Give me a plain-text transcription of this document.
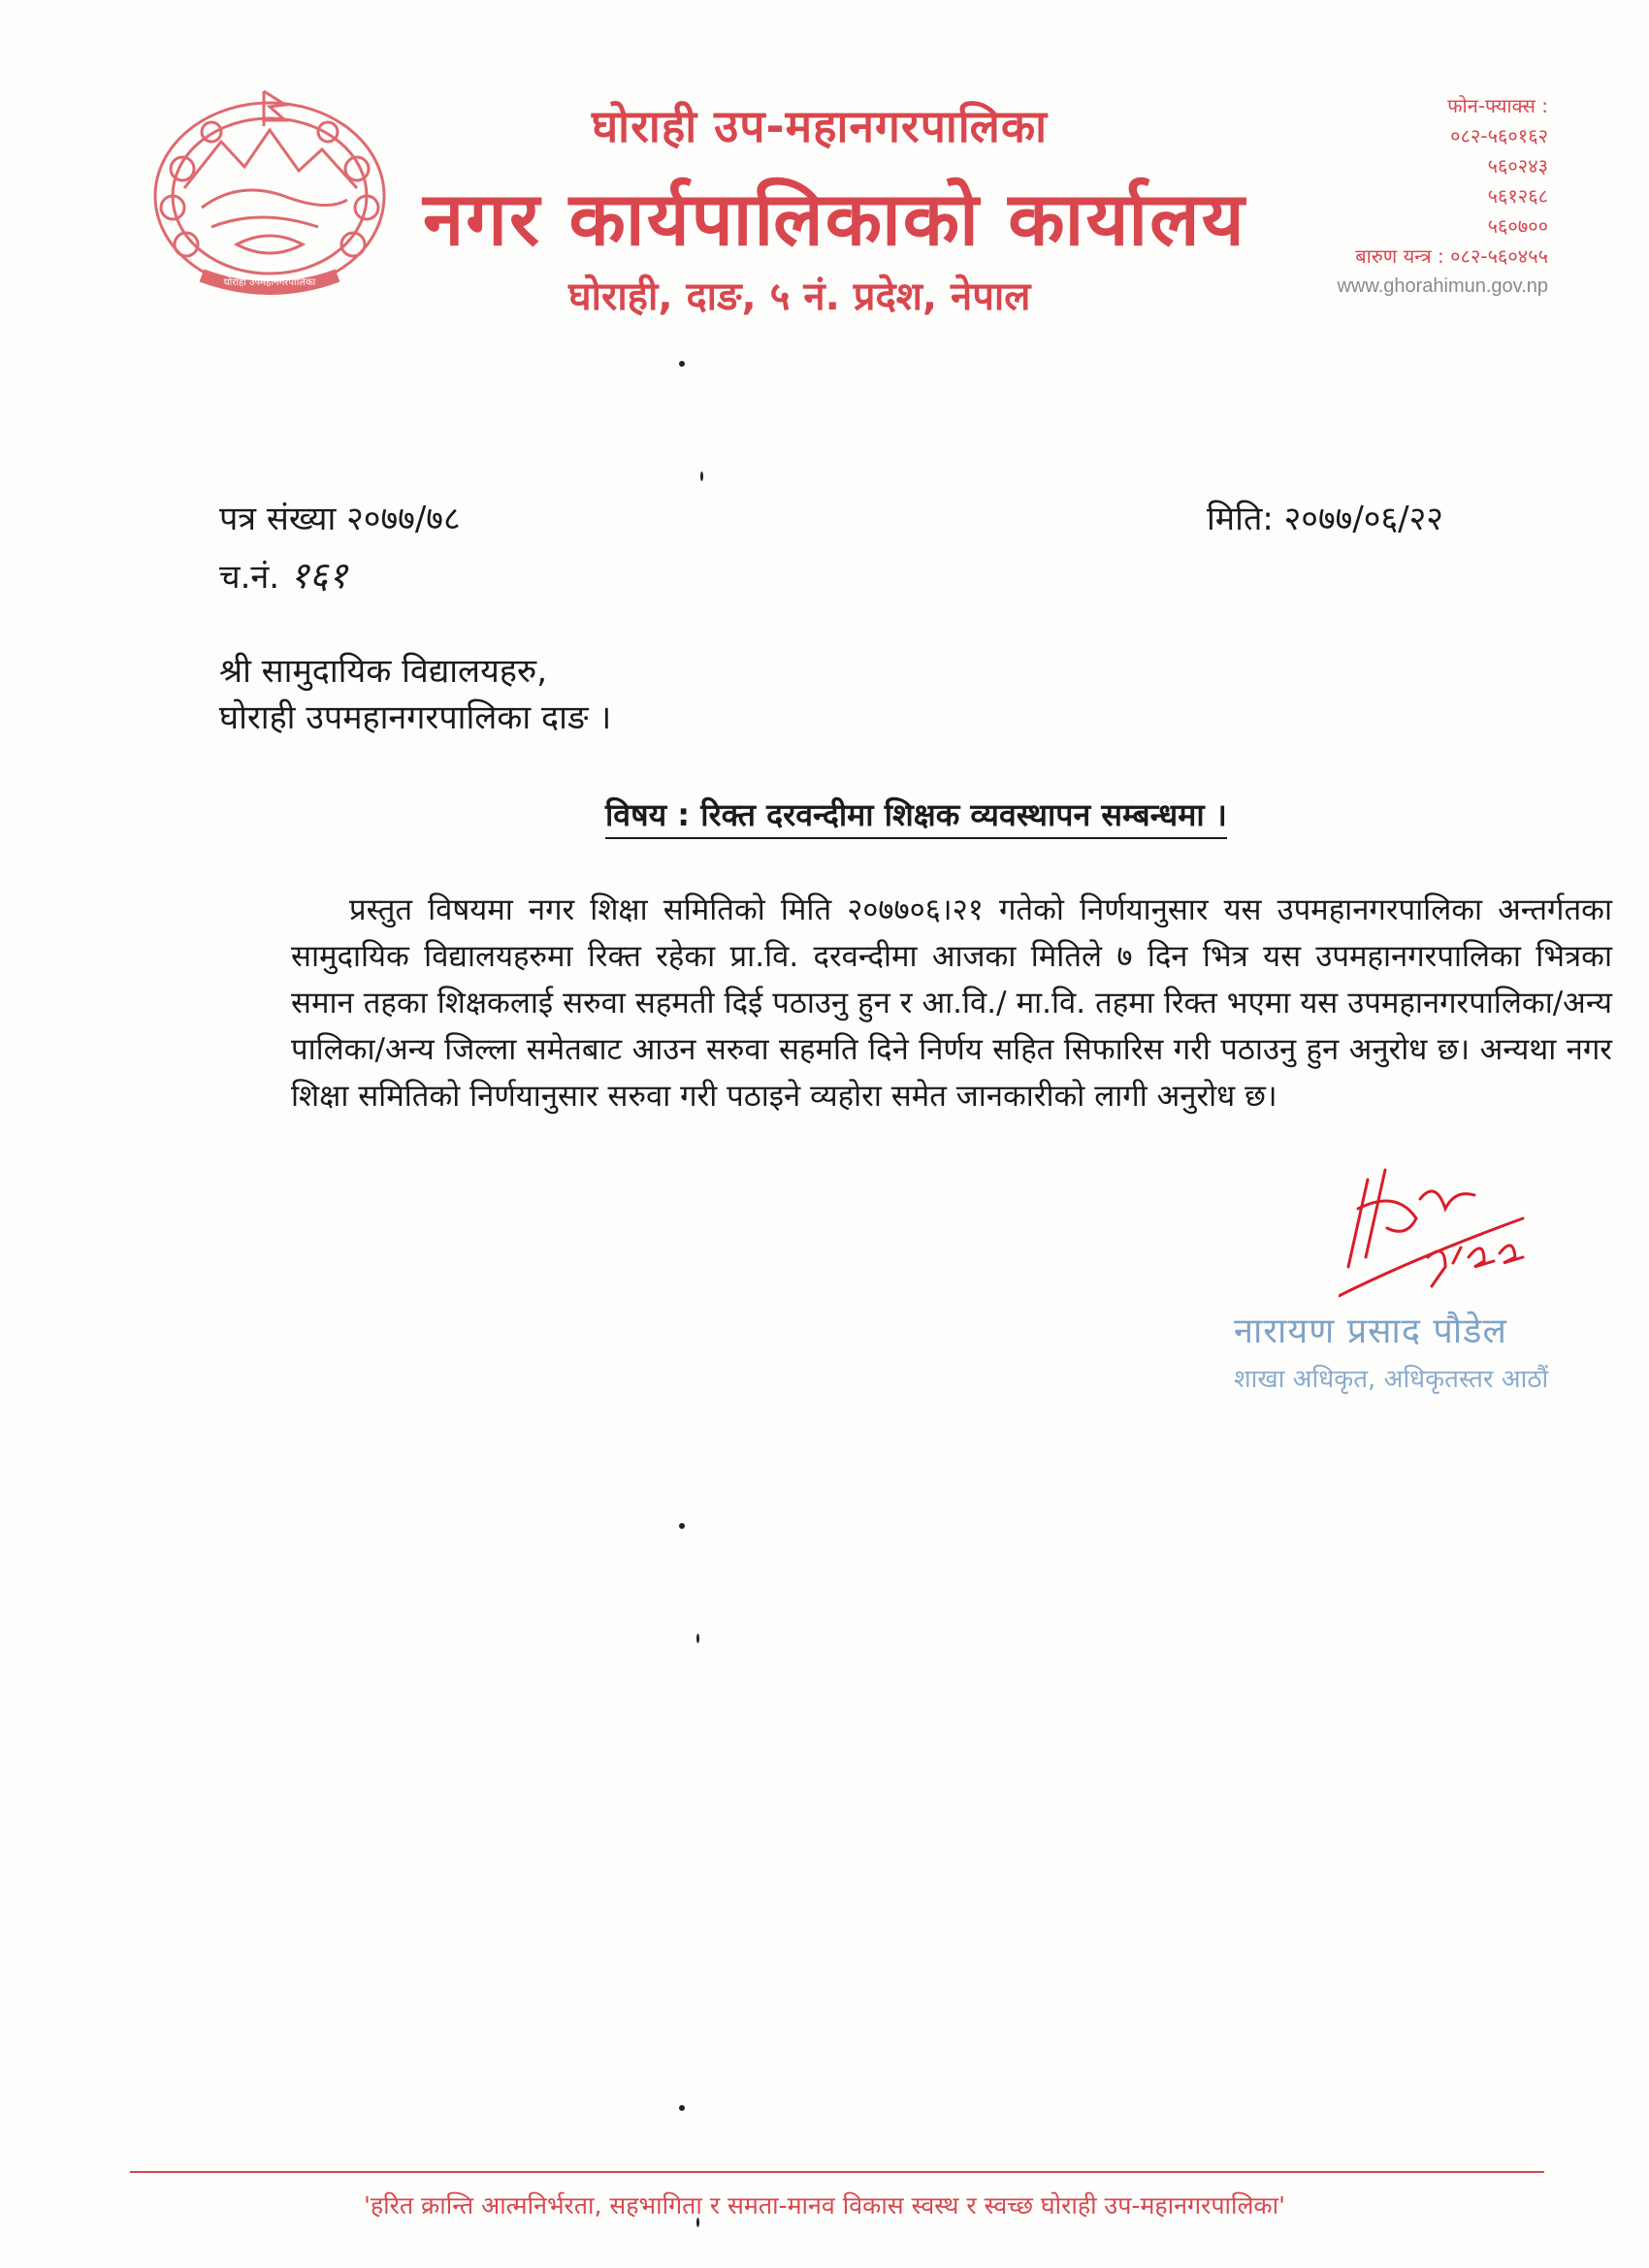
घोराही उपमहानगरपालिका
घोराही उप-महानगरपालिका
नगर कार्यपालिकाको कार्यालय
घोराही, दाङ, ५ नं. प्रदेश, नेपाल
फोन-फ्याक्स :
०८२-५६०१६२
५६०२४३
५६१२६८
५६०७००
बारुण यन्त्र : ०८२-५६०४५५
www.ghorahimun.gov.np
पत्र संख्या २०७७/७८
च.नं. १६१
मिति: २०७७/०६/२२
श्री सामुदायिक विद्यालयहरु,
घोराही उपमहानगरपालिका दाङ ।
विषय : रिक्त दरवन्दीमा शिक्षक व्यवस्थापन सम्बन्धमा ।
प्रस्तुत विषयमा नगर शिक्षा समितिको मिति २०७७०६।२१ गतेको निर्णयानुसार यस उपमहानगरपालिका अन्तर्गतका सामुदायिक विद्यालयहरुमा रिक्त रहेका प्रा.वि. दरवन्दीमा आजका मितिले ७ दिन भित्र यस उपमहानगरपालिका भित्रका समान तहका शिक्षकलाई सरुवा सहमती दिई पठाउनु हुन र आ.वि./ मा.वि. तहमा रिक्त भएमा यस उपमहानगरपालिका/अन्य पालिका/अन्य जिल्ला समेतबाट आउन सरुवा सहमति दिने निर्णय सहित सिफारिस गरी पठाउनु हुन अनुरोध छ। अन्यथा नगर शिक्षा समितिको निर्णयानुसार सरुवा गरी पठाइने व्यहोरा समेत जानकारीको लागी अनुरोध छ।
नारायण प्रसाद पौडेल
शाखा अधिकृत, अधिकृतस्तर आठौं
'हरित क्रान्ति आत्मनिर्भरता, सहभागिता र समता-मानव विकास स्वस्थ र स्वच्छ घोराही उप-महानगरपालिका'
